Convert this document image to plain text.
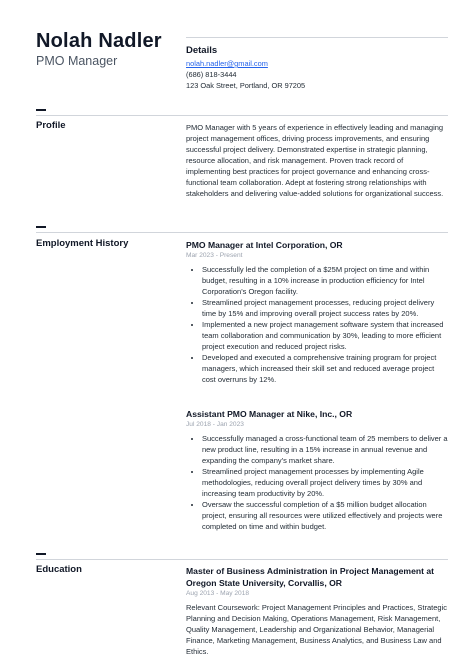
Nolah Nadler
PMO Manager
Details
nolah.nadler@gmail.com
(686) 818-3444
123 Oak Street, Portland, OR 97205
Profile	PMO Manager with 5 years of experience in effectively leading and managing project management offices, driving process improvements, and ensuring successful project delivery. Demonstrated expertise in strategic planning, resource allocation, and risk management. Proven track record of implementing best practices for project governance and enhancing cross-functional team collaboration. Adept at fostering strong relationships with stakeholders and delivering value-added solutions for organizational success.

Employment History	PMO Manager at Intel Corporation, OR
Mar 2023 - Present
• Successfully led the completion of a $25M project on time and within budget, resulting in a 10% increase in production efficiency for Intel Corporation's Oregon facility.
• Streamlined project management processes, reducing project delivery time by 15% and improving overall project success rates by 20%.
• Implemented a new project management software system that increased team collaboration and communication by 30%, leading to more efficient project execution and reduced project risks.
• Developed and executed a comprehensive training program for project managers, which increased their skill set and reduced average project cost overruns by 12%.
Assistant PMO Manager at Nike, Inc., OR
Jul 2018 - Jan 2023
• Successfully managed a cross-functional team of 25 members to deliver a new product line, resulting in a 15% increase in annual revenue and expanding the company's market share.
• Streamlined project management processes by implementing Agile methodologies, reducing overall project delivery times by 30% and increasing team productivity by 20%.
• Oversaw the successful completion of a $5 million budget allocation project, ensuring all resources were utilized effectively and projects were completed on time and within budget.
Education	Master of Business Administration in Project Management at Oregon State University, Corvallis, OR
Aug 2013 - May 2018

Relevant Coursework: Project Management Principles and Practices, Strategic Planning and Decision Making, Operations Management, Risk Management, Quality Management, Leadership and Organizational Behavior, Managerial Finance, Marketing Management, Business Analytics, and Business Law and Ethics.
